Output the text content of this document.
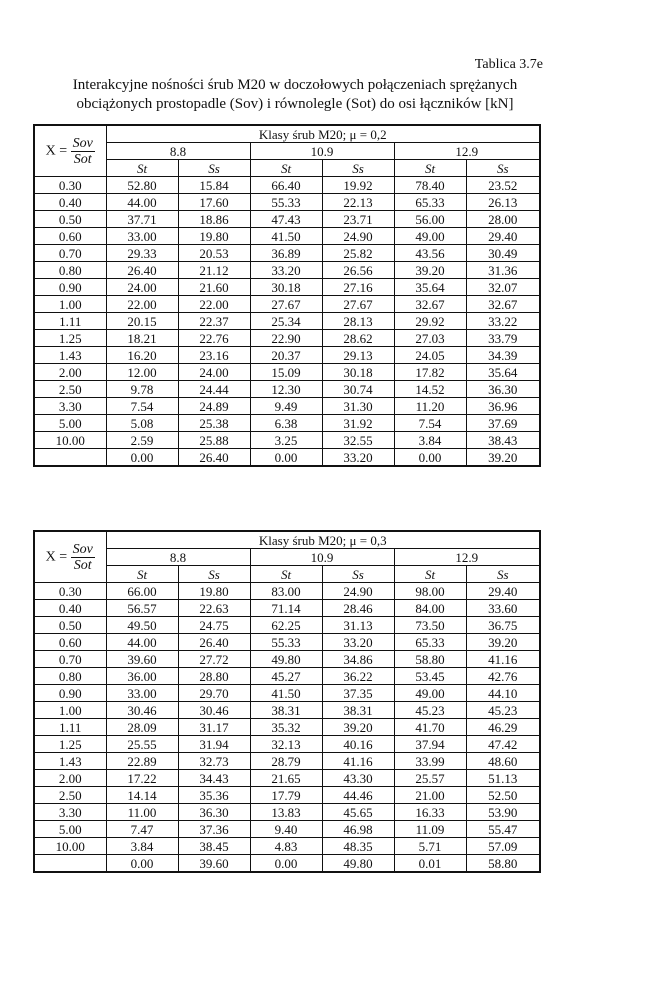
Tablica 3.7e
Interakcyjne nośności śrub M20 w doczołowych połączeniach sprężanych
obciążonych prostopadle (Sov) i równolegle (Sot) do osi łączników [kN]
$X = \frac{\text{Sov}}{\text{Sot}}$	Klasy śrub M20; μ = 0,2					
	8.8		10.9		12.9	
	St	Ss	St	Ss	St	Ss
0.30	52.80	15.84	66.40	19.92	78.40	23.52
0.40	44.00	17.60	55.33	22.13	65.33	26.13
0.50	37.71	18.86	47.43	23.71	56.00	28.00
0.60	33.00	19.80	41.50	24.90	49.00	29.40
0.70	29.33	20.53	36.89	25.82	43.56	30.49
0.80	26.40	21.12	33.20	26.56	39.20	31.36
0.90	24.00	21.60	30.18	27.16	35.64	32.07
1.00	22.00	22.00	27.67	27.67	32.67	32.67
1.11	20.15	22.37	25.34	28.13	29.92	33.22
1.25	18.21	22.76	22.90	28.62	27.03	33.79
1.43	16.20	23.16	20.37	29.13	24.05	34.39
2.00	12.00	24.00	15.09	30.18	17.82	35.64
2.50	9.78	24.44	12.30	30.74	14.52	36.30
3.30	7.54	24.89	9.49	31.30	11.20	36.96
5.00	5.08	25.38	6.38	31.92	7.54	37.69
10.00	2.59	25.88	3.25	32.55	3.84	38.43
	0.00	26.40	0.00	33.20	0.00	39.20
$X = \frac{\text{Sov}}{\text{Sot}}$	Klasy śrub M20; μ = 0,3					
	8.8		10.9		12.9	
	St	Ss	St	Ss	St	Ss
0.30	66.00	19.80	83.00	24.90	98.00	29.40
0.40	56.57	22.63	71.14	28.46	84.00	33.60
0.50	49.50	24.75	62.25	31.13	73.50	36.75
0.60	44.00	26.40	55.33	33.20	65.33	39.20
0.70	39.60	27.72	49.80	34.86	58.80	41.16
0.80	36.00	28.80	45.27	36.22	53.45	42.76
0.90	33.00	29.70	41.50	37.35	49.00	44.10
1.00	30.46	30.46	38.31	38.31	45.23	45.23
1.11	28.09	31.17	35.32	39.20	41.70	46.29
1.25	25.55	31.94	32.13	40.16	37.94	47.42
1.43	22.89	32.73	28.79	41.16	33.99	48.60
2.00	17.22	34.43	21.65	43.30	25.57	51.13
2.50	14.14	35.36	17.79	44.46	21.00	52.50
3.30	11.00	36.30	13.83	45.65	16.33	53.90
5.00	7.47	37.36	9.40	46.98	11.09	55.47
10.00	3.84	38.45	4.83	48.35	5.71	57.09
	0.00	39.60	0.00	49.80	0.01	58.80
